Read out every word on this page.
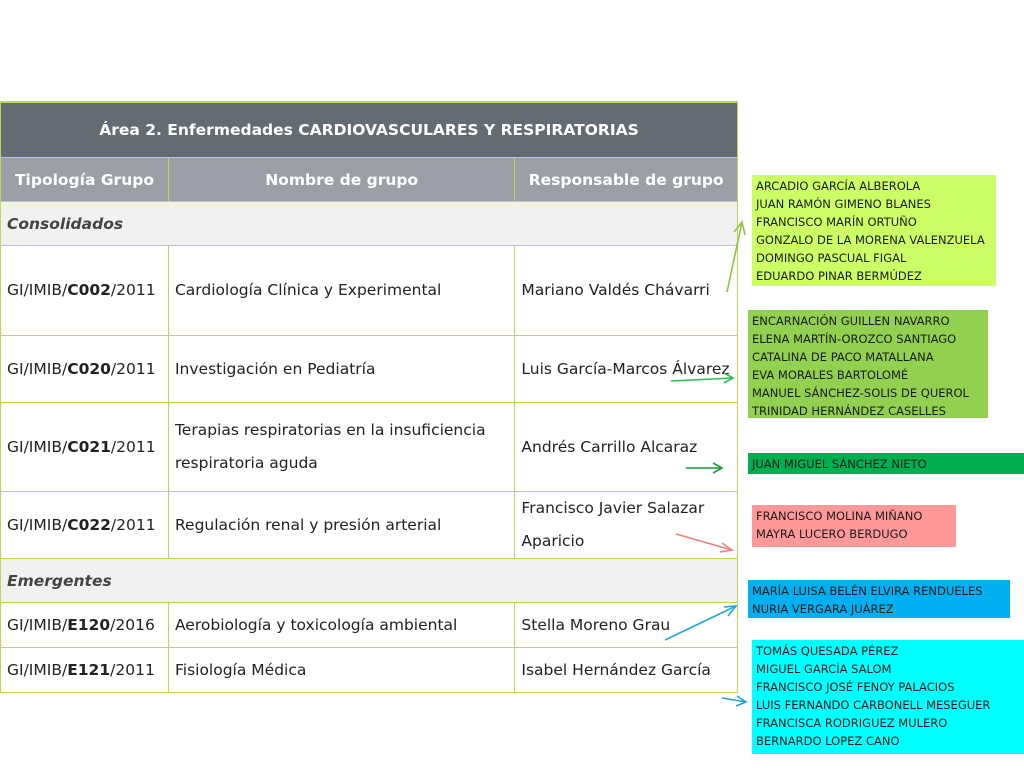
Área 2. Enfermedades CARDIOVASCULARES Y RESPIRATORIAS		
Tipología Grupo	Nombre de grupo	Responsable de grupo
Consolidados		
GI/IMIB/C002/2011	Cardiología Clínica y Experimental	Mariano Valdés Chávarri
GI/IMIB/C020/2011	Investigación en Pediatría	Luis García-Marcos Álvarez
GI/IMIB/C021/2011	Terapias respiratorias en la insuficiencia respiratoria aguda	Andrés Carrillo Alcaraz
GI/IMIB/C022/2011	Regulación renal y presión arterial	Francisco Javier Salazar Aparicio
Emergentes		
GI/IMIB/E120/2016	Aerobiología y toxicología ambiental	Stella Moreno Grau
GI/IMIB/E121/2011	Fisiología Médica	Isabel Hernández García
ARCADIO GARCÍA ALBEROLA
JUAN RAMÓN GIMENO BLANES
FRANCISCO MARÍN ORTUÑO
GONZALO DE LA MORENA VALENZUELA
DOMINGO PASCUAL FIGAL
EDUARDO PINAR BERMÚDEZ
ENCARNACIÓN GUILLEN NAVARRO
ELENA MARTÍN-OROZCO SANTIAGO
CATALINA DE PACO MATALLANA
EVA MORALES BARTOLOMÉ
MANUEL SÁNCHEZ-SOLIS DE QUEROL
TRINIDAD HERNÁNDEZ CASELLES
JUAN MIGUEL SÁNCHEZ NIETO
FRANCISCO MOLINA MIÑANO
MAYRA LUCERO BERDUGO
MARÍA LUISA BELÉN ELVIRA RENDUELES
NURIA VERGARA JUÁREZ
TOMÁS QUESADA PÉREZ
MIGUEL GARCÍA SALOM
FRANCISCO JOSÉ FENOY PALACIOS
LUIS FERNANDO CARBONELL MESEGUER
FRANCISCA RODRIGUEZ MULERO
BERNARDO LOPEZ CANO
